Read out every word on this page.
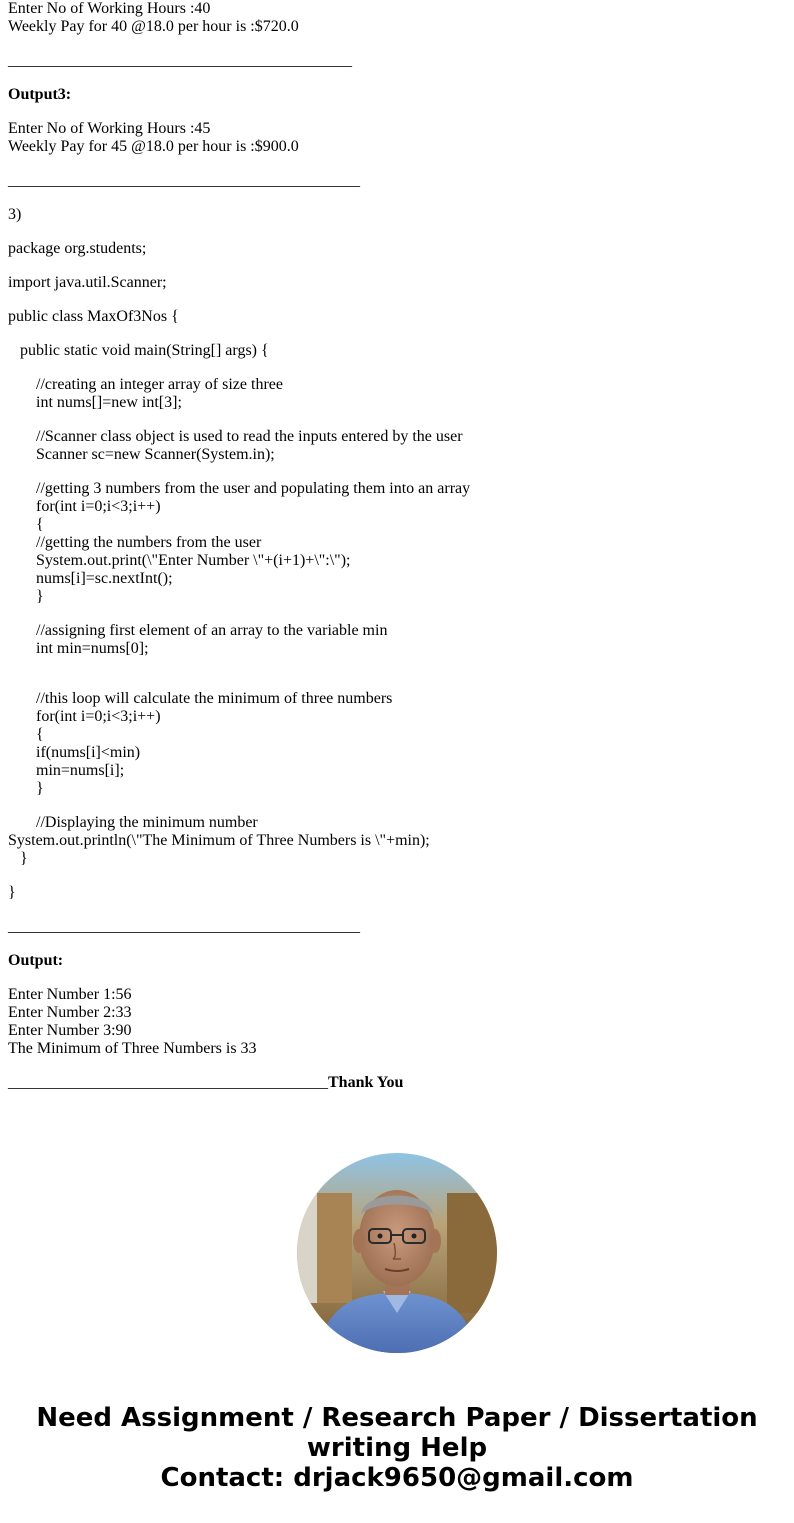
Enter No of Working Hours :40
Weekly Pay for 40 @18.0 per hour is :$720.0
___________________________________________
Output3:
Enter No of Working Hours :45
Weekly Pay for 45 @18.0 per hour is :$900.0
____________________________________________
3)
package org.students;
import java.util.Scanner;
public class MaxOf3Nos {
public static void main(String[] args) {
//creating an integer array of size three
int nums[]=new int[3];
//Scanner class object is used to read the inputs entered by the user
Scanner sc=new Scanner(System.in);
//getting 3 numbers from the user and populating them into an array
for(int i=0;i<3;i++)
{
//getting the numbers from the user
System.out.print(\"Enter Number \"+(i+1)+\":\");
nums[i]=sc.nextInt();
}
//assigning first element of an array to the variable min
int min=nums[0];
//this loop will calculate the minimum of three numbers
for(int i=0;i<3;i++)
{
if(nums[i]<min)
min=nums[i];
}
//Displaying the minimum number
System.out.println(\"The Minimum of Three Numbers is \"+min);
}
}
____________________________________________
Output:
Enter Number 1:56
Enter Number 2:33
Enter Number 3:90
The Minimum of Three Numbers is 33
________________________________________Thank You
Need Assignment / Research Paper / Dissertation
writing Help
Contact: drjack9650@gmail.com
